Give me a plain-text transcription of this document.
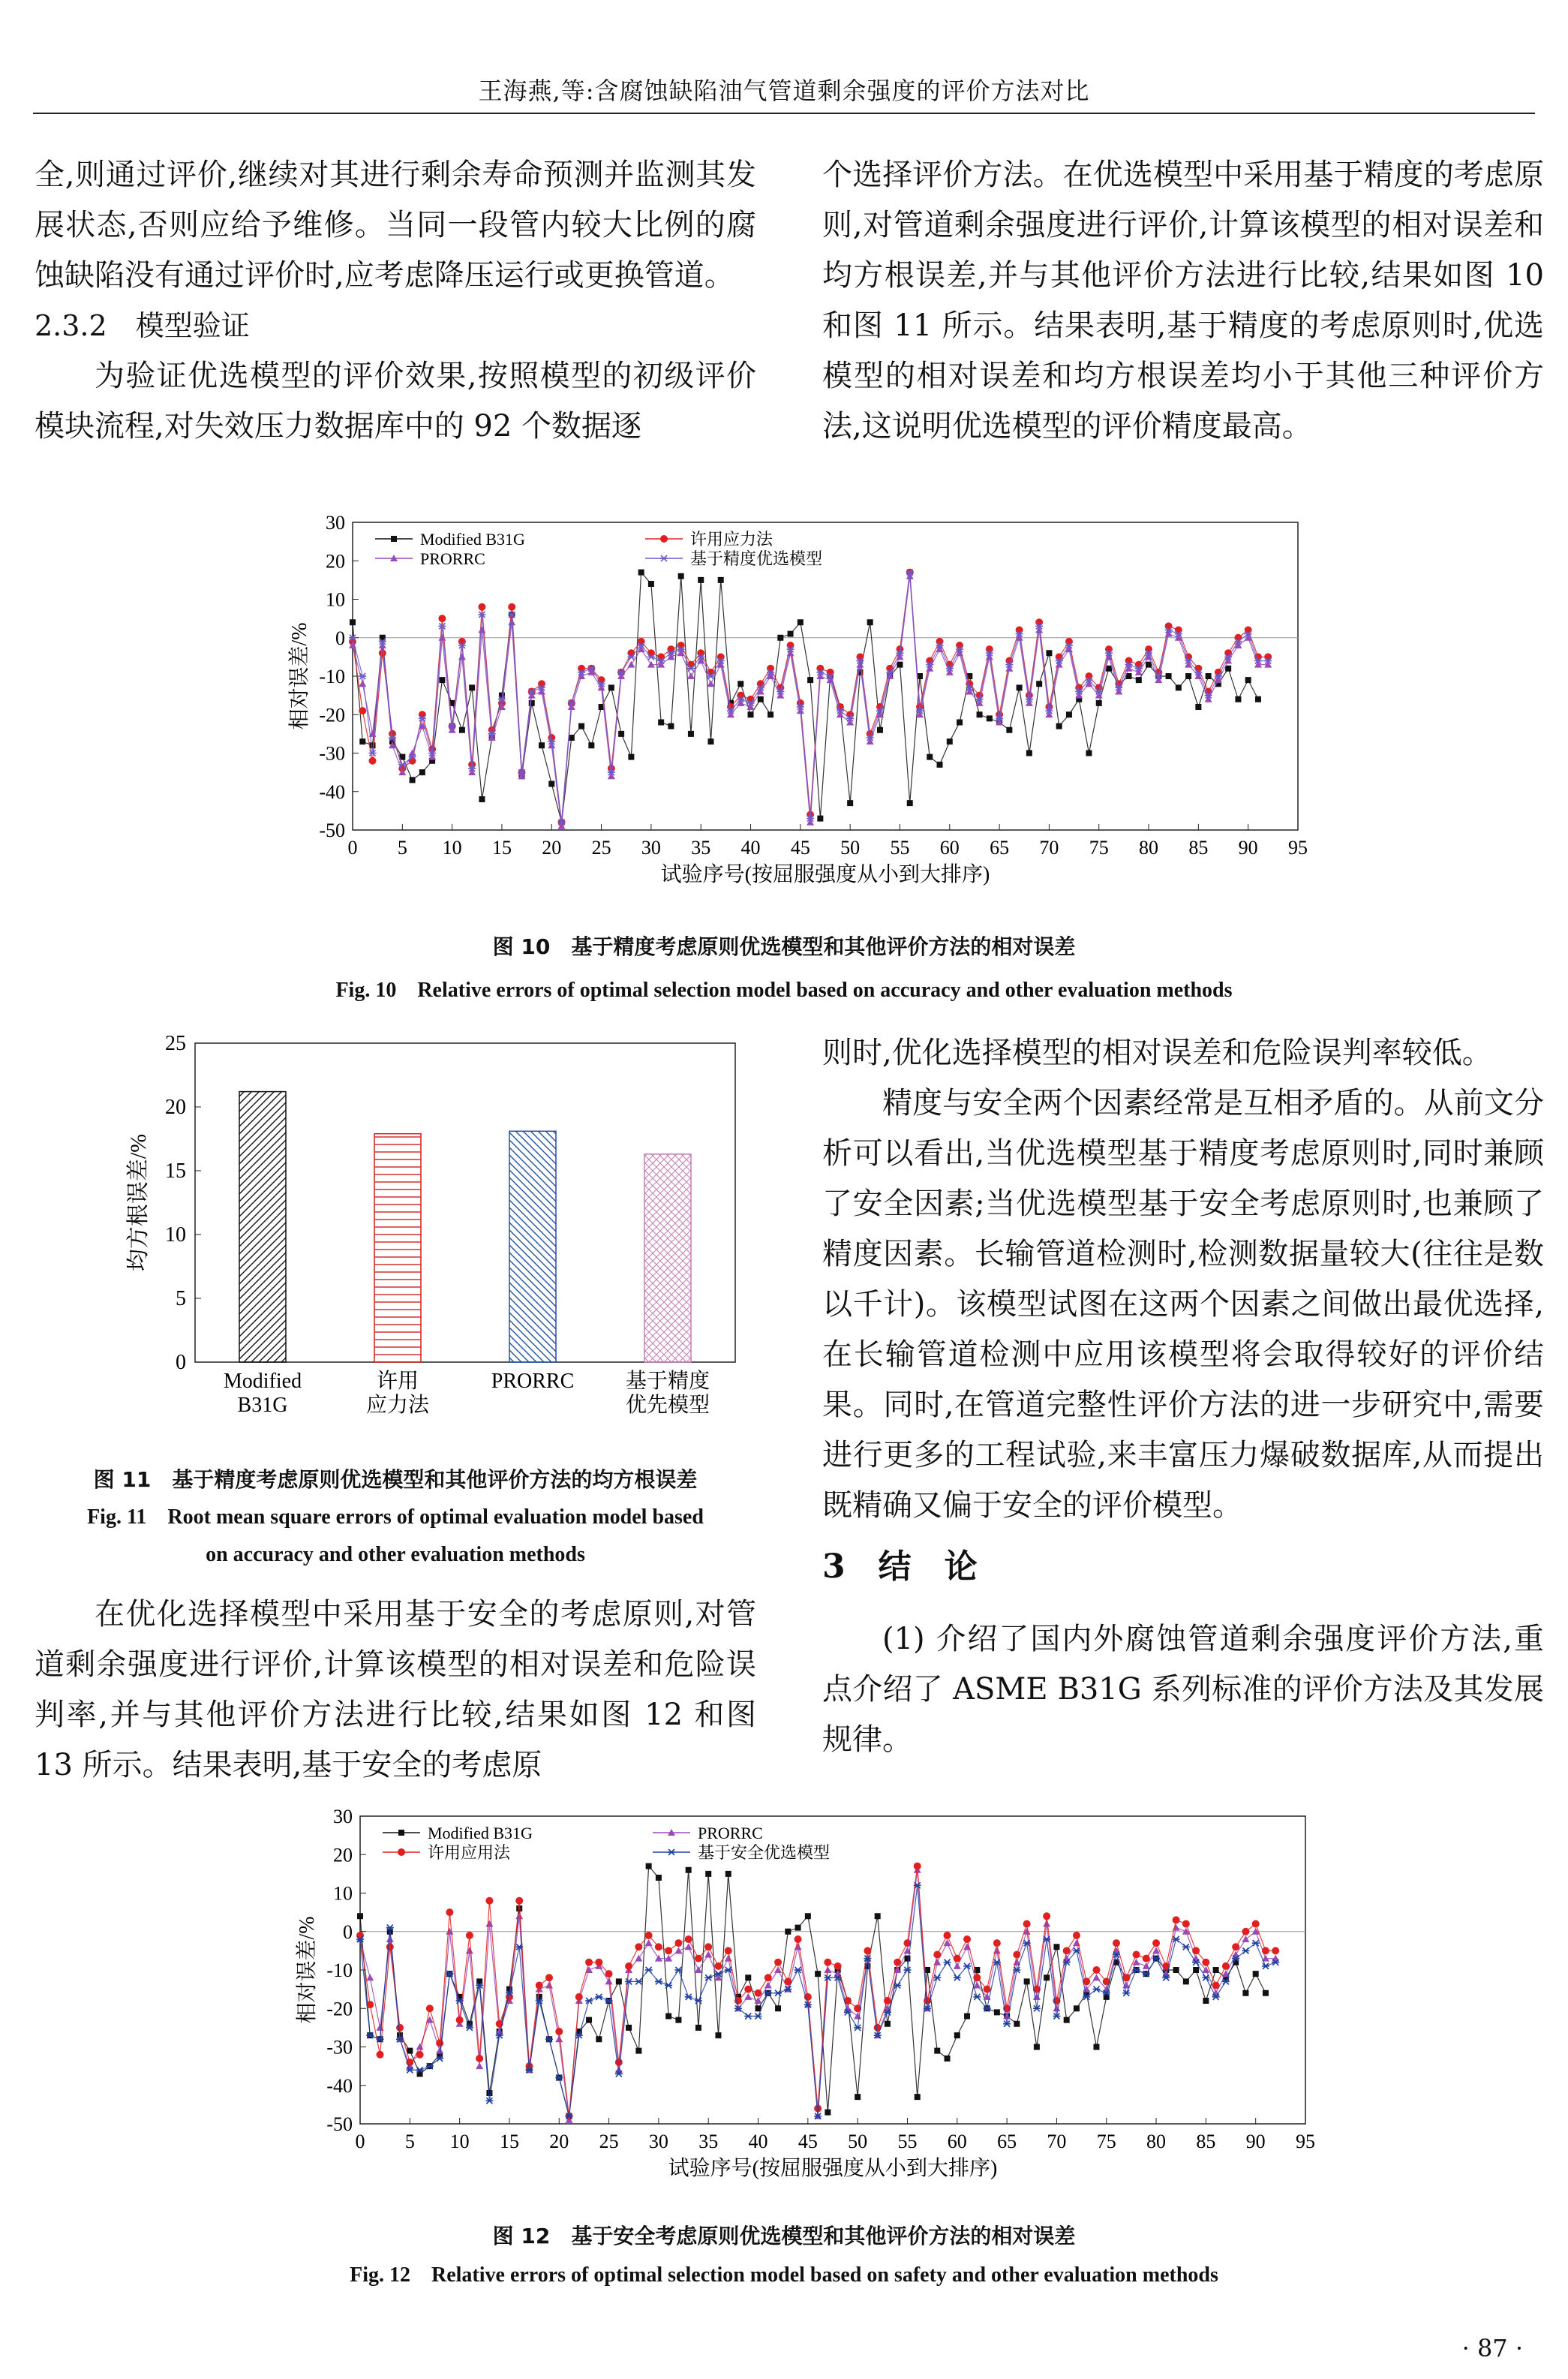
王海燕,等:含腐蚀缺陷油气管道剩余强度的评价方法对比

全,则通过评价,继续对其进行剩余寿命预测并监测其发展状态,否则应给予维修。当同一段管内较大比例的腐蚀缺陷没有通过评价时,应考虑降压运行或更换管道。

2.3.2　模型验证

为验证优选模型的评价效果,按照模型的初级评价模块流程,对失效压力数据库中的 92 个数据逐

个选择评价方法。在优选模型中采用基于精度的考虑原则,对管道剩余强度进行评价,计算该模型的相对误差和均方根误差,并与其他评价方法进行比较,结果如图 10 和图 11 所示。结果表明,基于精度的考虑原则时,优选模型的相对误差和均方根误差均小于其他三种评价方法,这说明优选模型的评价精度最高。

-50
-40
-30
-20
-10
0
10
20
30
0 5 10 15 20 25 30 35 40 45 50 55 60 65 70 75 80 85 90 95
试验序号(按屈服强度从小到大排序)
相对误差/%
Modified B31G	许用应力法
PRORRC	基于精度优选模型
图 10　基于精度考虑原则优选模型和其他评价方法的相对误差
Fig. 10　Relative errors of optimal selection model based on accuracy and other evaluation methods
0
5
10
15
20
25
均方根误差/%
Modified
B31G
许用
应力法
PRORRC 基于精度
优先模型
图 11　基于精度考虑原则优选模型和其他评价方法的均方根误差
Fig. 11　Root mean square errors of optimal evaluation model based
on accuracy and other evaluation methods

在优化选择模型中采用基于安全的考虑原则,对管道剩余强度进行评价,计算该模型的相对误差和危险误判率,并与其他评价方法进行比较,结果如图 12 和图 13 所示。结果表明,基于安全的考虑原

则时,优化选择模型的相对误差和危险误判率较低。

精度与安全两个因素经常是互相矛盾的。从前文分析可以看出,当优选模型基于精度考虑原则时,同时兼顾了安全因素;当优选模型基于安全考虑原则时,也兼顾了精度因素。长输管道检测时,检测数据量较大(往往是数以千计)。该模型试图在这两个因素之间做出最优选择,在长输管道检测中应用该模型将会取得较好的评价结果。同时,在管道完整性评价方法的进一步研究中,需要进行更多的工程试验,来丰富压力爆破数据库,从而提出既精确又偏于安全的评价模型。

3　结　论

(1) 介绍了国内外腐蚀管道剩余强度评价方法,重点介绍了 ASME B31G 系列标准的评价方法及其发展规律。

-50
-40
-30
-20
-10
0
10
20
30
0 5 10 15 20 25 30 35 40 45 50 55 60 65 70 75 80 85 90 95
试验序号(按屈服强度从小到大排序)
相对误差/%
Modified B31G	PRORRC
许用应用法	基于安全优选模型
图 12　基于安全考虑原则优选模型和其他评价方法的相对误差
Fig. 12　Relative errors of optimal selection model based on safety and other evaluation methods
· 87 ·
